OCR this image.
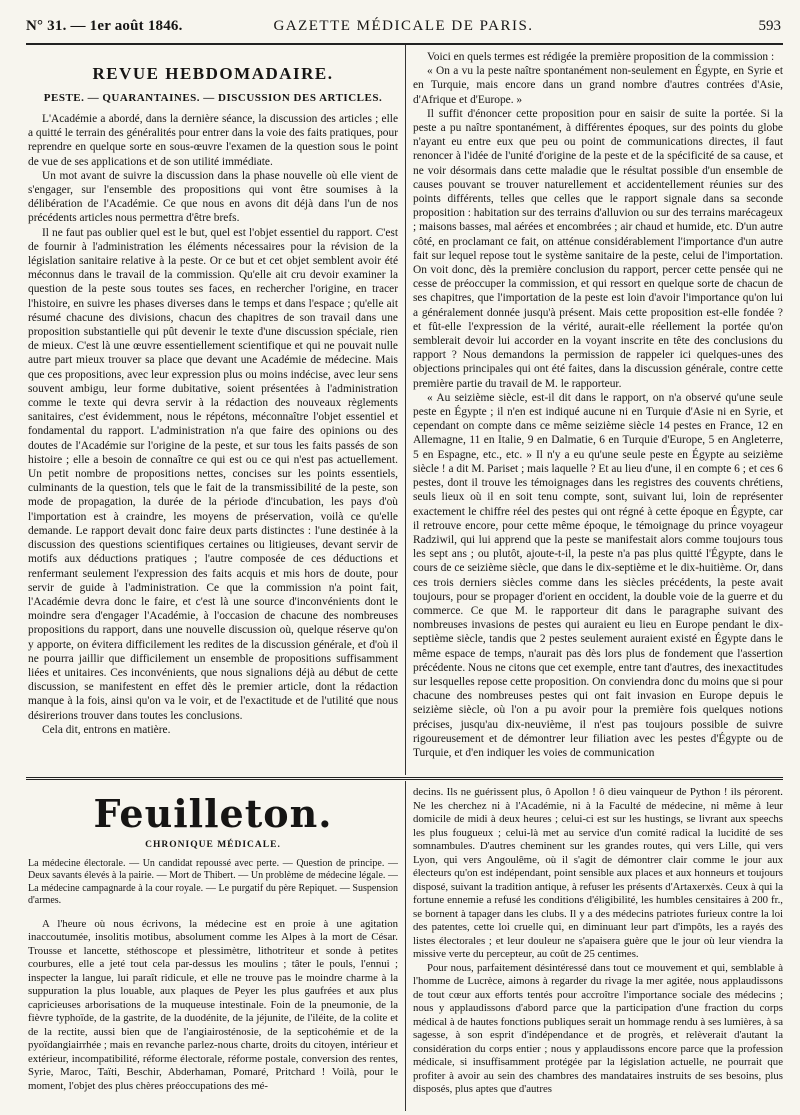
N° 31. — 1er août 1846.	GAZETTE MÉDICALE DE PARIS.	593
REVUE HEBDOMADAIRE.
PESTE. — QUARANTAINES. — DISCUSSION DES ARTICLES.

L'Académie a abordé, dans la dernière séance, la discussion des articles ; elle a quitté le terrain des généralités pour entrer dans la voie des faits pratiques, pour reprendre en quelque sorte en sous-œuvre l'examen de la question sous le point de vue de ses applications et de son utilité immédiate.

Un mot avant de suivre la discussion dans la phase nouvelle où elle vient de s'engager, sur l'ensemble des propositions qui vont être soumises à la délibération de l'Académie. Ce que nous en avons dit déjà dans l'un de nos précédents articles nous permettra d'être brefs.

Il ne faut pas oublier quel est le but, quel est l'objet essentiel du rapport. C'est de fournir à l'administration les éléments nécessaires pour la révision de la législation sanitaire relative à la peste. Or ce but et cet objet semblent avoir été méconnus dans le travail de la commission. Qu'elle ait cru devoir examiner la question de la peste sous toutes ses faces, en rechercher l'origine, en tracer l'histoire, en suivre les phases diverses dans le temps et dans l'espace ; qu'elle ait résumé chacune des divisions, chacun des chapitres de son travail dans une proposition substantielle qui pût devenir le texte d'une discussion spéciale, rien de mieux. C'est là une œuvre essentiellement scientifique et qui ne pouvait nulle autre part mieux trouver sa place que devant une Académie de médecine. Mais que ces propositions, avec leur expression plus ou moins indécise, avec leur sens souvent ambigu, leur forme dubitative, soient présentées à l'administration comme le texte qui devra servir à la rédaction des nouveaux règlements sanitaires, c'est évidemment, nous le répétons, méconnaître l'objet essentiel et fondamental du rapport. L'administration n'a que faire des opinions ou des doutes de l'Académie sur l'origine de la peste, et sur tous les faits passés de son histoire ; elle a besoin de connaître ce qui est ou ce qui n'est pas actuellement. Un petit nombre de propositions nettes, concises sur les points essentiels, culminants de la question, tels que le fait de la transmissibilité de la peste, son mode de propagation, la durée de la période d'incubation, les pays d'où l'importation est à craindre, les moyens de préservation, voilà ce qu'elle demande. Le rapport devait donc faire deux parts distinctes : l'une destinée à la discussion des questions scientifiques certaines ou litigieuses, devant servir de motifs aux déductions pratiques ; l'autre composée de ces déductions et renfermant seulement l'expression des faits acquis et mis hors de doute, pour servir de guide à l'administration. Ce que la commission n'a point fait, l'Académie devra donc le faire, et c'est là une source d'inconvénients dont le moindre sera d'engager l'Académie, à l'occasion de chacune des nombreuses propositions du rapport, dans une nouvelle discussion où, quelque réserve qu'on y apporte, on évitera difficilement les redites de la discussion générale, et d'où il ne pourra jaillir que difficilement un ensemble de propositions suffisamment liées et unitaires. Ces inconvénients, que nous signalions déjà au début de cette discussion, se manifestent en effet dès le premier article, dont la rédaction manque à la fois, ainsi qu'on va le voir, et de l'exactitude et de l'utilité que nous désirerions trouver dans toutes les conclusions.

Cela dit, entrons en matière.

Voici en quels termes est rédigée la première proposition de la commission :

« On a vu la peste naître spontanément non-seulement en Égypte, en Syrie et en Turquie, mais encore dans un grand nombre d'autres contrées d'Asie, d'Afrique et d'Europe. »

Il suffit d'énoncer cette proposition pour en saisir de suite la portée. Si la peste a pu naître spontanément, à différentes époques, sur des points du globe n'ayant eu entre eux que peu ou point de communications directes, il faut renoncer à l'idée de l'unité d'origine de la peste et de la spécificité de sa cause, et ne voir désormais dans cette maladie que le résultat possible d'un ensemble de causes pouvant se trouver naturellement et accidentellement réunies sur des points différents, telles que celles que le rapport signale dans sa seconde proposition : habitation sur des terrains d'alluvion ou sur des terrains marécageux ; maisons basses, mal aérées et encombrées ; air chaud et humide, etc. D'un autre côté, en proclamant ce fait, on atténue considérablement l'importance d'un autre fait sur lequel repose tout le système sanitaire de la peste, celui de l'importation. On voit donc, dès la première conclusion du rapport, percer cette pensée qui ne cesse de préoccuper la commission, et qui ressort en quelque sorte de chacun de ses chapitres, que l'importation de la peste est loin d'avoir l'importance qu'on lui a généralement donnée jusqu'à présent. Mais cette proposition est-elle fondée ? et fût-elle l'expression de la vérité, aurait-elle réellement la portée qu'on semblerait devoir lui accorder en la voyant inscrite en tête des conclusions du rapport ? Nous demandons la permission de rappeler ici quelques-unes des objections principales qui ont été faites, dans la discussion générale, contre cette première partie du travail de M. le rapporteur.

« Au seizième siècle, est-il dit dans le rapport, on n'a observé qu'une seule peste en Égypte ; il n'en est indiqué aucune ni en Turquie d'Asie ni en Syrie, et cependant on compte dans ce même seizième siècle 14 pestes en France, 12 en Allemagne, 11 en Italie, 9 en Dalmatie, 6 en Turquie d'Europe, 5 en Angleterre, 5 en Espagne, etc., etc. » Il n'y a eu qu'une seule peste en Égypte au seizième siècle ! a dit M. Pariset ; mais laquelle ? Et au lieu d'une, il en compte 6 ; et ces 6 pestes, dont il trouve les témoignages dans les registres des couvents chrétiens, seuls lieux où il en soit tenu compte, sont, suivant lui, loin de représenter exactement le chiffre réel des pestes qui ont régné à cette époque en Égypte, car il retrouve encore, pour cette même époque, le témoignage du prince voyageur Radziwil, qui lui apprend que la peste se manifestait alors comme toujours tous les sept ans ; ou plutôt, ajoute-t-il, la peste n'a pas plus quitté l'Égypte, dans le cours de ce seizième siècle, que dans le dix-septième et le dix-huitième. Or, dans ces trois derniers siècles comme dans les siècles précédents, la peste avait toujours, pour se propager d'orient en occident, la double voie de la guerre et du commerce. Ce que M. le rapporteur dit dans le paragraphe suivant des nombreuses invasions de pestes qui auraient eu lieu en Europe pendant le dix-septième siècle, tandis que 2 pestes seulement auraient existé en Égypte dans le même espace de temps, n'aurait pas dès lors plus de fondement que l'assertion précédente. Nous ne citons que cet exemple, entre tant d'autres, des inexactitudes sur lesquelles repose cette proposition. On conviendra donc du moins que si pour chacune des nombreuses pestes qui ont fait invasion en Europe depuis le seizième siècle, où l'on a pu avoir pour la première fois quelques notions précises, jusqu'au dix-neuvième, il n'est pas toujours possible de suivre rigoureusement et de démontrer leur filiation avec les pestes d'Égypte ou de Turquie, et d'en indiquer les voies de communication

Feuilleton.
CHRONIQUE MÉDICALE.
La médecine électorale. — Un candidat repoussé avec perte. — Question de principe. — Deux savants élevés à la pairie. — Mort de Thibert. — Un problème de médecine légale. — La médecine campagnarde à la cour royale. — Le purgatif du père Repiquet. — Suspension d'armes.

A l'heure où nous écrivons, la médecine est en proie à une agitation inaccoutumée, insolitis motibus, absolument comme les Alpes à la mort de César. Trousse et lancette, stéthoscope et plessimètre, lithotriteur et sonde à petites courbures, elle a jeté tout cela par-dessus les moulins ; tâter le pouls, l'ennui ; inspecter la langue, lui paraît ridicule, et elle ne trouve pas le moindre charme à la suppuration la plus louable, aux plaques de Peyer les plus gaufrées et aux plus capricieuses arborisations de la muqueuse intestinale. Foin de la pneumonie, de la fièvre typhoïde, de la gastrite, de la duodénite, de la jéjunite, de l'iléite, de la colite et de la rectite, aussi bien que de l'angiairosténosie, de la septicohémie et de la pyoïdangiairrhée ; mais en revanche parlez-nous charte, droits du citoyen, intérieur et extérieur, incompatibilité, réforme électorale, réforme postale, conversion des rentes, Syrie, Maroc, Taïti, Beschir, Abderhaman, Pomaré, Pritchard ! Voilà, pour le moment, l'objet des plus chères préoccupations des mé-

decins. Ils ne guérissent plus, ô Apollon ! ô dieu vainqueur de Python ! ils pérorent. Ne les cherchez ni à l'Académie, ni à la Faculté de médecine, ni même à leur domicile de midi à deux heures ; celui-ci est sur les hustings, se livrant aux speechs les plus fougueux ; celui-là met au service d'un comité radical la lucidité de ses somnambules. D'autres cheminent sur les grandes routes, qui vers Lille, qui vers Lyon, qui vers Angoulême, où il s'agit de démontrer clair comme le jour aux électeurs qu'on est indépendant, point sensible aux places et aux honneurs et toujours disposé, suivant la tradition antique, à refuser les présents d'Artaxerxès. Ceux à qui la fortune ennemie a refusé les conditions d'éligibilité, les humbles censitaires à 200 fr., se bornent à tapager dans les clubs. Il y a des médecins patriotes furieux contre la loi des patentes, cette loi cruelle qui, en diminuant leur part d'impôts, les a rayés des listes électorales ; et leur douleur ne s'apaisera guère que le jour où leur viendra la missive verte du percepteur, au coût de 25 centimes.

Pour nous, parfaitement désintéressé dans tout ce mouvement et qui, semblable à l'homme de Lucrèce, aimons à regarder du rivage la mer agitée, nous applaudissons de tout cœur aux efforts tentés pour accroître l'importance sociale des médecins ; nous y applaudissons d'abord parce que la participation d'une fraction du corps médical à de hautes fonctions publiques serait un hommage rendu à ses lumières, à sa sagesse, à son esprit d'indépendance et de progrès, et relèverait d'autant la considération du corps entier ; nous y applaudissons encore parce que la profession médicale, si insuffisamment protégée par la législation actuelle, ne pourrait que profiter à avoir au sein des chambres des mandataires instruits de ses besoins, plus disposés, plus aptes que d'autres
